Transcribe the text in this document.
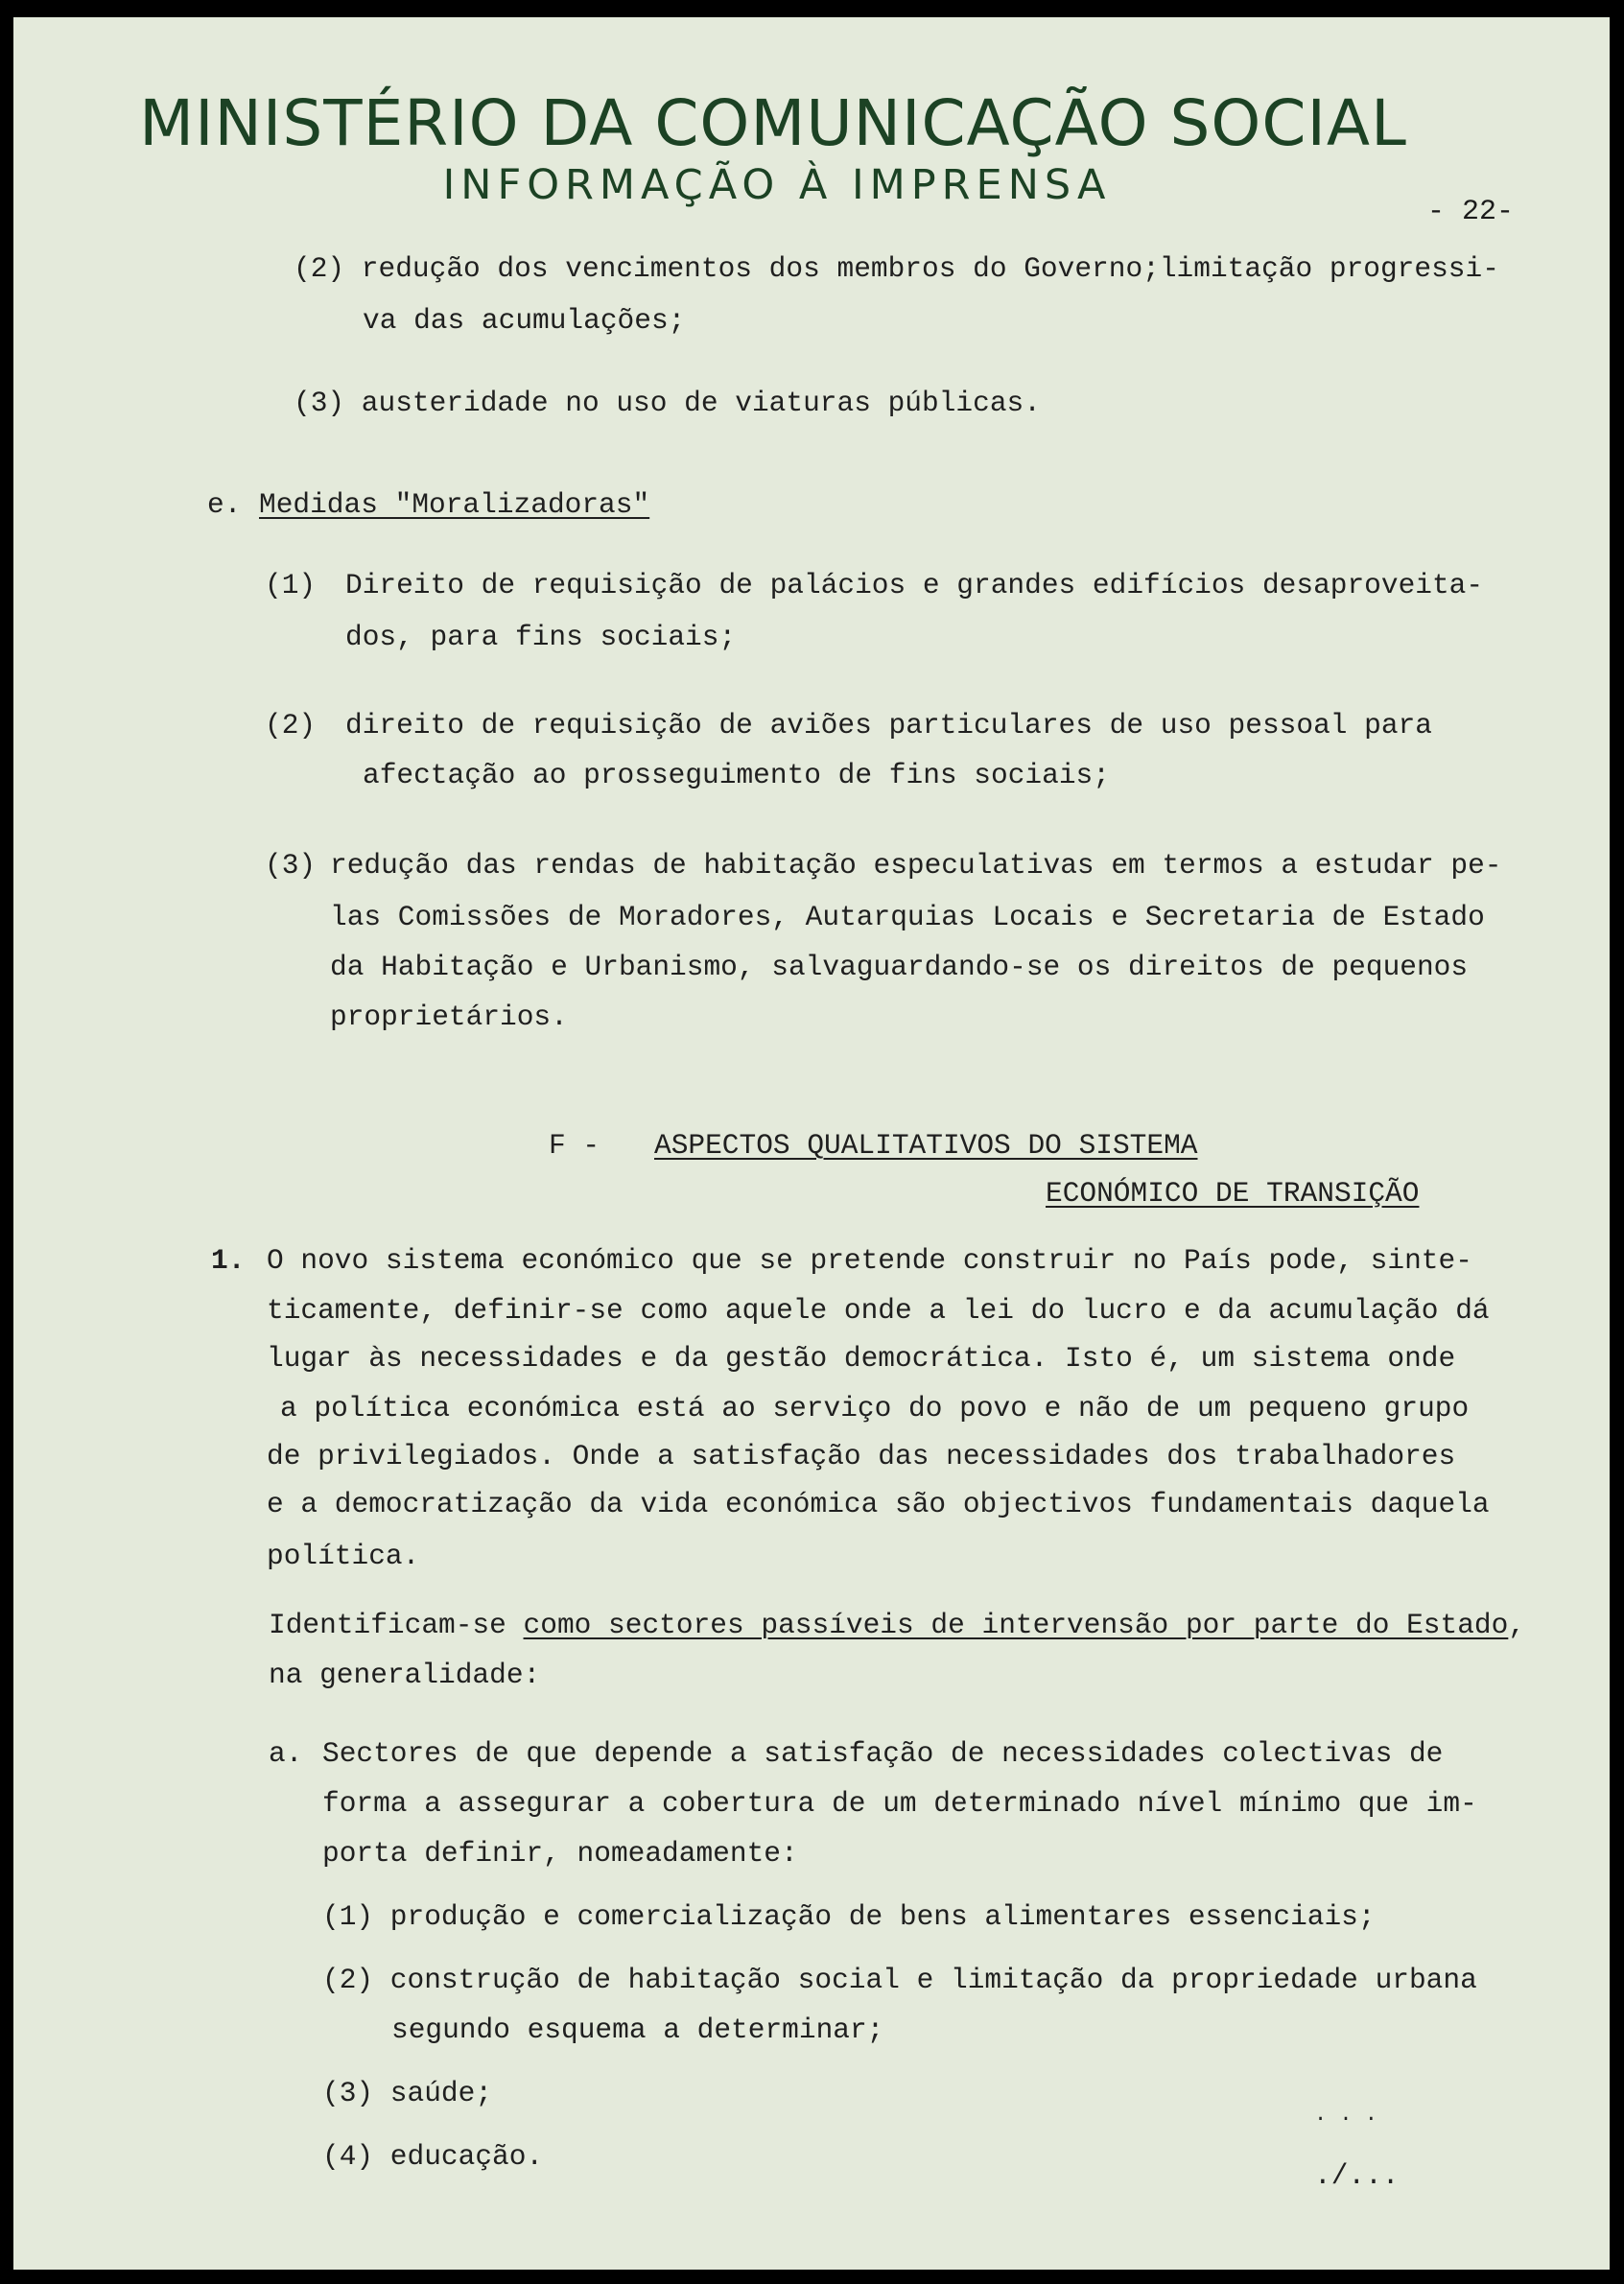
MINISTÉRIO DA COMUNICAÇÃO SOCIAL
INFORMAÇÃO À IMPRENSA
- 22-
(2) redução dos vencimentos dos membros do Governo;limitação progressi-
va das acumulações;
(3) austeridade no uso de viaturas públicas.
e. Medidas "Moralizadoras"
(1) Direito de requisição de palácios e grandes edifícios desaproveita-
dos, para fins sociais;
(2) direito de requisição de aviões particulares de uso pessoal para
afectação ao prosseguimento de fins sociais;
(3) redução das rendas de habitação especulativas em termos a estudar pe-
las Comissões de Moradores, Autarquias Locais e Secretaria de Estado
da Habitação e Urbanismo, salvaguardando-se os direitos de pequenos
proprietários.
F - ASPECTOS QUALITATIVOS DO SISTEMA
ECONÓMICO DE TRANSIÇÃO
1. O novo sistema económico que se pretende construir no País pode, sinte-
ticamente, definir-se como aquele onde a lei do lucro e da acumulação dá
lugar às necessidades e da gestão democrática. Isto é, um sistema onde
a política económica está ao serviço do povo e não de um pequeno grupo
de privilegiados. Onde a satisfação das necessidades dos trabalhadores
e a democratização da vida económica são objectivos fundamentais daquela
política.
Identificam-se como sectores passíveis de intervensão por parte do Estado,
na generalidade:
a. Sectores de que depende a satisfação de necessidades colectivas de
forma a assegurar a cobertura de um determinado nível mínimo que im-
porta definir, nomeadamente:
(1) produção e comercialização de bens alimentares essenciais;
(2) construção de habitação social e limitação da propriedade urbana
segundo esquema a determinar;
(3) saúde;
(4) educação.
. . .
./...
